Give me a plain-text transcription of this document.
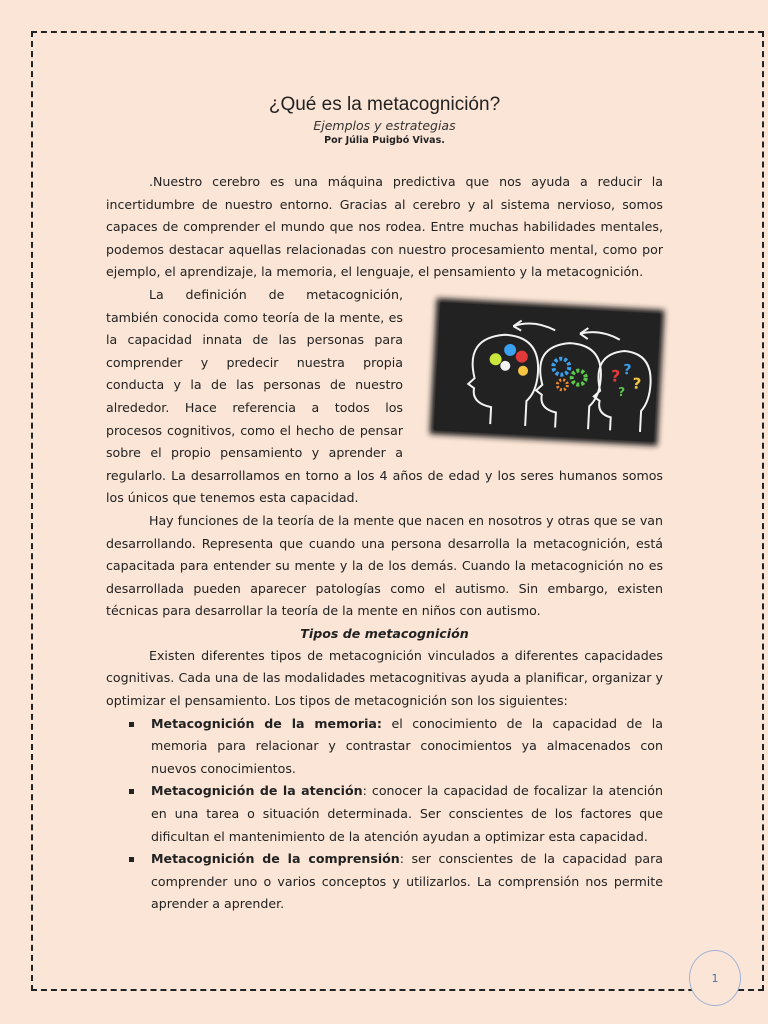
¿Qué es la metacognición?
Ejemplos y estrategias
Por Júlia Puigbó Vivas.

.Nuestro cerebro es una máquina predictiva que nos ayuda a reducir la incertidumbre de nuestro entorno. Gracias al cerebro y al sistema nervioso, somos capaces de comprender el mundo que nos rodea. Entre muchas habilidades mentales, podemos destacar aquellas relacionadas con nuestro procesamiento mental, como por ejemplo, el aprendizaje, la memoria, el lenguaje, el pensamiento y la metacognición.

? ?
?
?

La definición de metacognición, también conocida como teoría de la mente, es la capacidad innata de las personas para comprender y predecir nuestra propia conducta y la de las personas de nuestro alrededor. Hace referencia a todos los procesos cognitivos, como el hecho de pensar sobre el propio pensamiento y aprender a regularlo. La desarrollamos en torno a los 4 años de edad y los seres humanos somos los únicos que tenemos esta capacidad.

Hay funciones de la teoría de la mente que nacen en nosotros y otras que se van desarrollando. Representa que cuando una persona desarrolla la metacognición, está capacitada para entender su mente y la de los demás. Cuando la metacognición no es desarrollada pueden aparecer patologías como el autismo. Sin embargo, existen técnicas para desarrollar la teoría de la mente en niños con autismo.

Tipos de metacognición

Existen diferentes tipos de metacognición vinculados a diferentes capacidades cognitivas. Cada una de las modalidades metacognitivas ayuda a planificar, organizar y optimizar el pensamiento. Los tipos de metacognición son los siguientes:

Metacognición de la memoria: el conocimiento de la capacidad de la memoria para relacionar y contrastar conocimientos ya almacenados con nuevos conocimientos.
Metacognición de la atención: conocer la capacidad de focalizar la atención en una tarea o situación determinada. Ser conscientes de los factores que dificultan el mantenimiento de la atención ayudan a optimizar esta capacidad.
Metacognición de la comprensión: ser conscientes de la capacidad para comprender uno o varios conceptos y utilizarlos. La comprensión nos permite aprender a aprender.
1
